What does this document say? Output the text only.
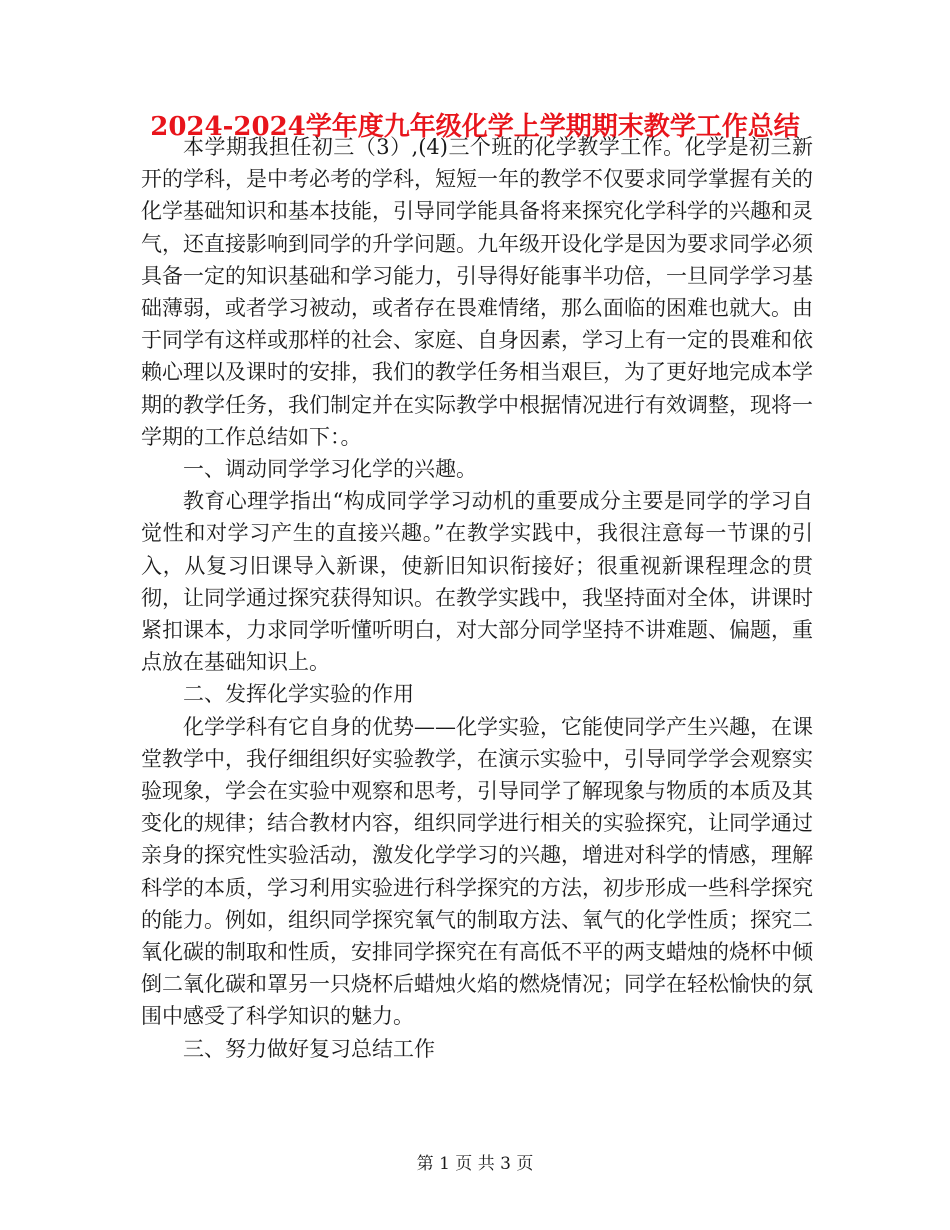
2024-2024学年度九年级化学上学期期末教学工作总结

本学期我担任初三（3）,(4)三个班的化学教学工作。化学是初三新开的学科，是中考必考的学科，短短一年的教学不仅要求同学掌握有关的化学基础知识和基本技能，引导同学能具备将来探究化学科学的兴趣和灵气，还直接影响到同学的升学问题。九年级开设化学是因为要求同学必须具备一定的知识基础和学习能力，引导得好能事半功倍，一旦同学学习基础薄弱，或者学习被动，或者存在畏难情绪，那么面临的困难也就大。由于同学有这样或那样的社会、家庭、自身因素，学习上有一定的畏难和依赖心理以及课时的安排，我们的教学任务相当艰巨，为了更好地完成本学期的教学任务，我们制定并在实际教学中根据情况进行有效调整，现将一学期的工作总结如下：。

一、调动同学学习化学的兴趣。

教育心理学指出“构成同学学习动机的重要成分主要是同学的学习自觉性和对学习产生的直接兴趣。”在教学实践中，我很注意每一节课的引入，从复习旧课导入新课，使新旧知识衔接好；很重视新课程理念的贯彻，让同学通过探究获得知识。在教学实践中，我坚持面对全体，讲课时紧扣课本，力求同学听懂听明白，对大部分同学坚持不讲难题、偏题，重点放在基础知识上。

二、发挥化学实验的作用

化学学科有它自身的优势——化学实验，它能使同学产生兴趣，在课堂教学中，我仔细组织好实验教学，在演示实验中，引导同学学会观察实验现象，学会在实验中观察和思考，引导同学了解现象与物质的本质及其变化的规律；结合教材内容，组织同学进行相关的实验探究，让同学通过亲身的探究性实验活动，激发化学学习的兴趣，增进对科学的情感，理解科学的本质，学习利用实验进行科学探究的方法，初步形成一些科学探究的能力。例如，组织同学探究氧气的制取方法、氧气的化学性质；探究二氧化碳的制取和性质，安排同学探究在有高低不平的两支蜡烛的烧杯中倾倒二氧化碳和罩另一只烧杯后蜡烛火焰的燃烧情况；同学在轻松愉快的氛围中感受了科学知识的魅力。

三、努力做好复习总结工作

第 1 页 共 3 页
